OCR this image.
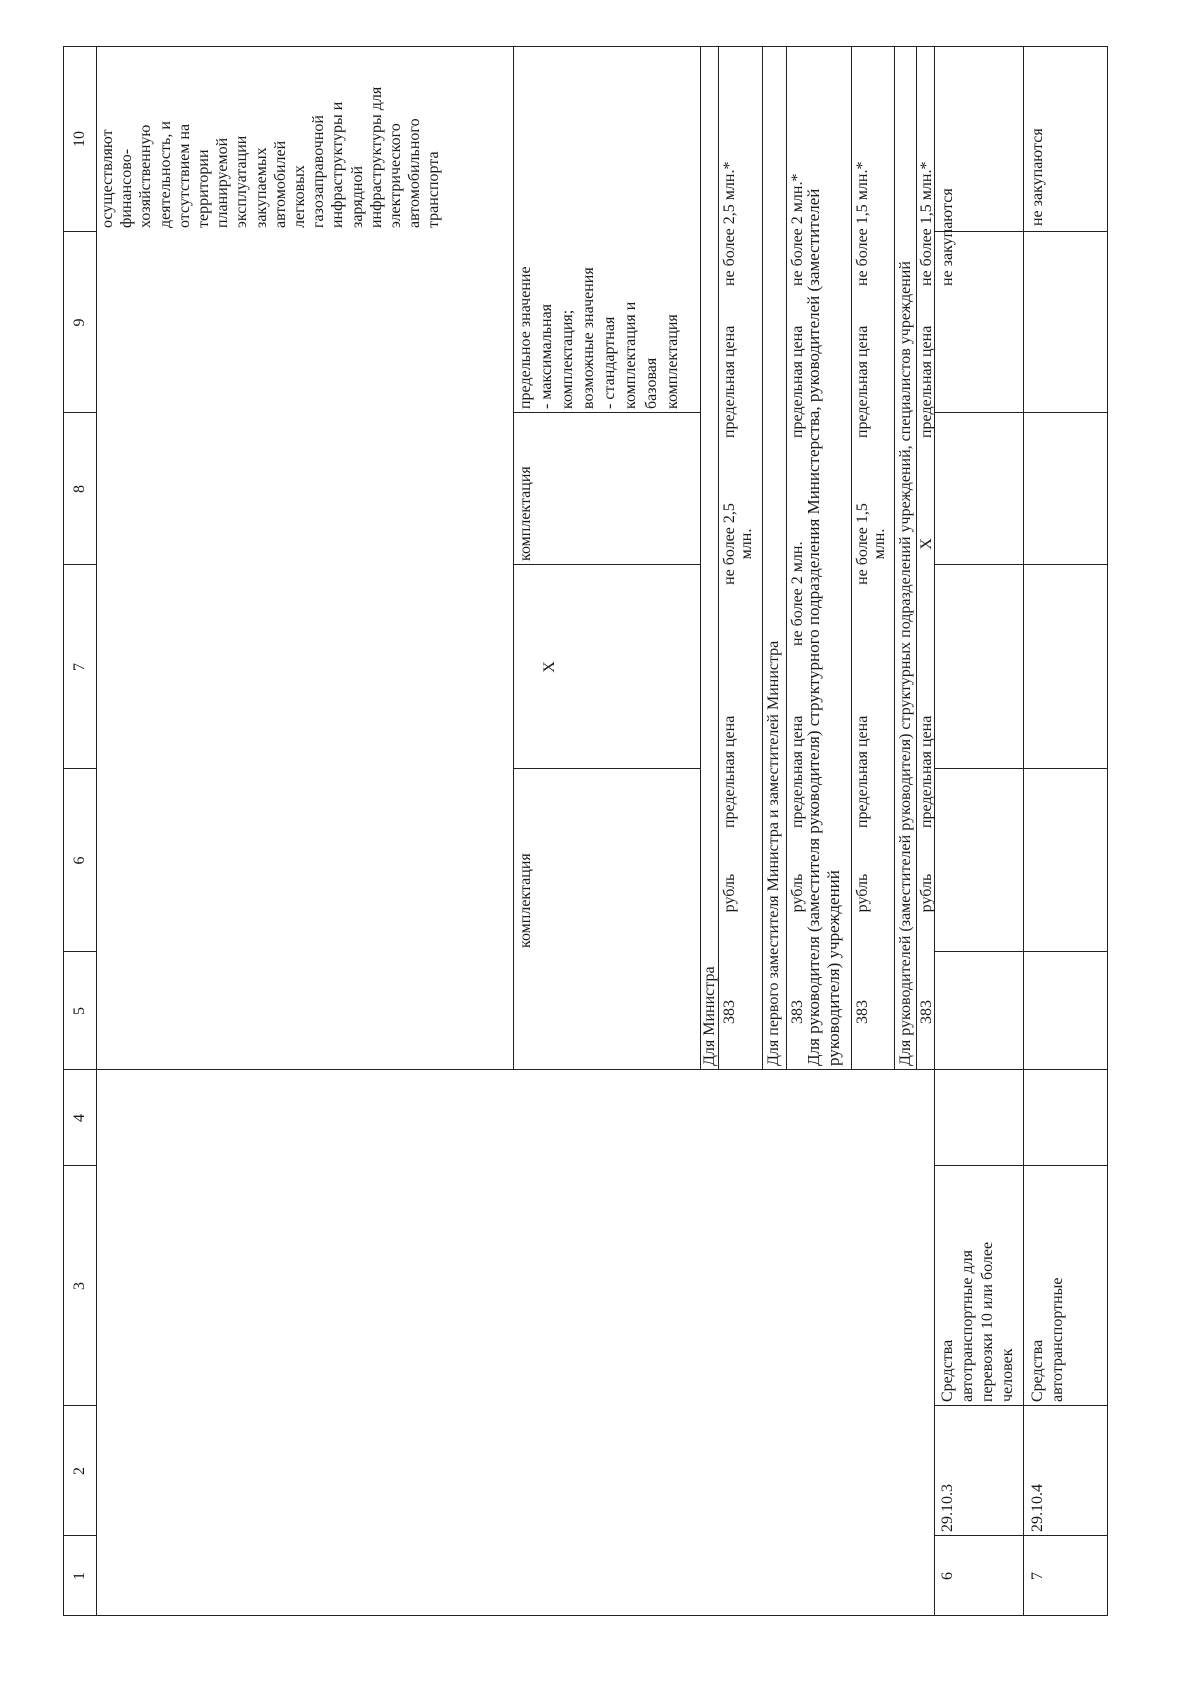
1
2
3
4
5
6
7
8
9
10 осуществляют финансово- хозяйственную деятельность, и отсутствием на территории планируемой эксплуатации закупаемых автомобилей легковых газозаправочной инфраструктуры и зарядной инфраструктуры для электрического автомобильного транспорта
комплектация
X
комплектация
предельное значение - максимальная комплектация; возможные значения - стандартная комплектация и базовая комплектация
Для Министра 383
рубль
предельная цена
не более 2,5 млн.
предельная цена
не более 2,5 млн.*
Для первого заместителя Министра и заместителей Министра 383
рубль
предельная цена
не более 2 млн.
предельная цена
не более 2 млн.*
Для руководителя (заместителя руководителя) структурного подразделения Министерства, руководителей (заместителей руководителя) учреждений 383
рубль
предельная цена
не более 1,5 млн.
предельная цена
не более 1,5 млн.*
Для руководителей (заместителей руководителя) структурных подразделений учреждений, специалистов учреждений 383
рубль
предельная цена
X
предельная цена
не более 1,5 млн.*
6
29.10.3
Средства автотранспортные для перевозки 10 или более человек
не закупаются
7
29.10.4
Средства автотранспортные
не закупаются
